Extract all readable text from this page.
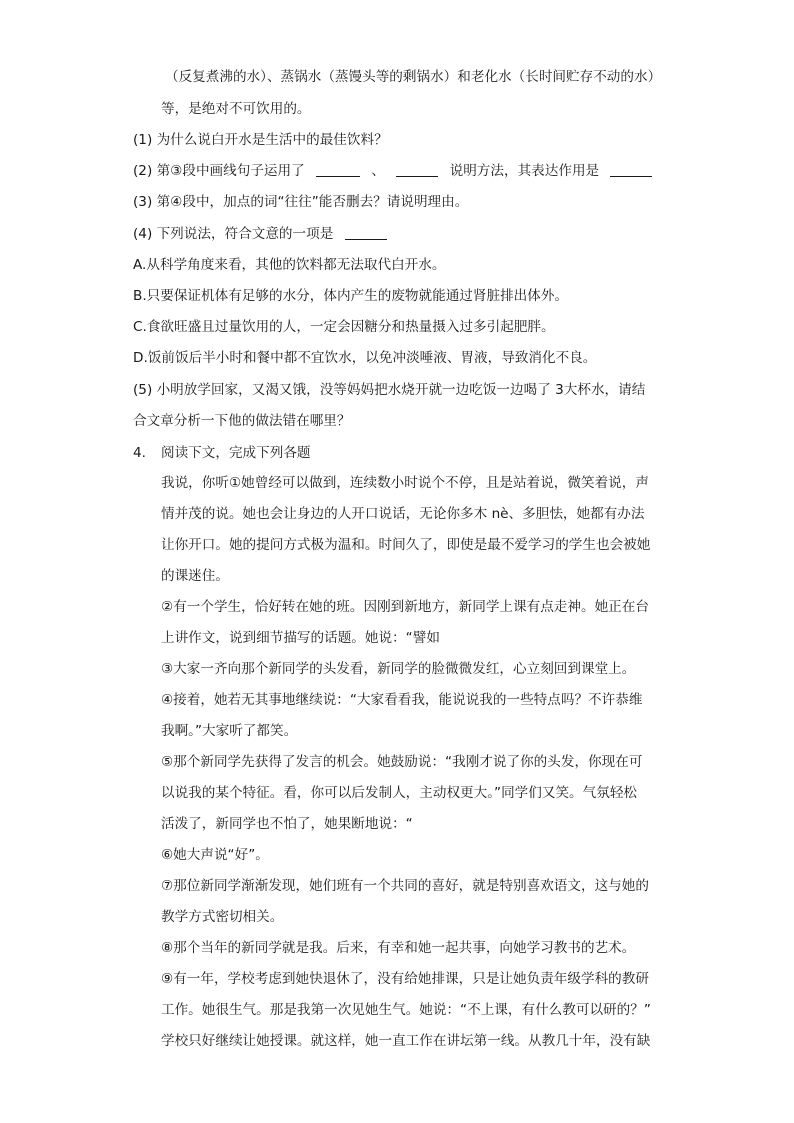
（反复煮沸的水）、蒸锅水（蒸馒头等的剩锅水）和老化水（长时间贮存不动的水）
等，是绝对不可饮用的。
(1) 为什么说白开水是生活中的最佳饮料？
(2) 第③段中画线句子运用了	、	说明方法，其表达作用是
(3) 第④段中，加点的词“往往”能否删去？请说明理由。
(4) 下列说法，符合文意的一项是
A.从科学角度来看，其他的饮料都无法取代白开水。
B.只要保证机体有足够的水分，体内产生的废物就能通过肾脏排出体外。
C.食欲旺盛且过量饮用的人，一定会因糖分和热量摄入过多引起肥胖。
D.饭前饭后半小时和餐中都不宜饮水，以免冲淡唾液、胃液，导致消化不良。
(5) 小明放学回家，又渴又饿，没等妈妈把水烧开就一边吃饭一边喝了 3大杯水，请结
合文章分析一下他的做法错在哪里？
4. 阅读下文，完成下列各题
我说，你听①她曾经可以做到，连续数小时说个不停，且是站着说，微笑着说，声
情并茂的说。她也会让身边的人开口说话，无论你多木 nè、多胆怯，她都有办法
让你开口。她的提问方式极为温和。时间久了，即使是最不爱学习的学生也会被她
的课迷住。
②有一个学生，恰好转在她的班。因刚到新地方，新同学上课有点走神。她正在台
上讲作文，说到细节描写的话题。她说：“譬如
③大家一齐向那个新同学的头发看，新同学的脸微微发红，心立刻回到课堂上。
④接着，她若无其事地继续说：“大家看看我，能说说我的一些特点吗？不许恭维
我啊。”大家听了都笑。
⑤那个新同学先获得了发言的机会。她鼓励说：“我刚才说了你的头发，你现在可
以说我的某个特征。看，你可以后发制人，主动权更大。”同学们又笑。气氛轻松
活泼了，新同学也不怕了，她果断地说：“
⑥她大声说“好”。
⑦那位新同学渐渐发现，她们班有一个共同的喜好，就是特别喜欢语文，这与她的
教学方式密切相关。
⑧那个当年的新同学就是我。后来，有幸和她一起共事，向她学习教书的艺术。
⑨有一年，学校考虑到她快退休了，没有给她排课，只是让她负责年级学科的教研
工作。她很生气。那是我第一次见她生气。她说：“不上课，有什么教可以研的？”
学校只好继续让她授课。就这样，她一直工作在讲坛第一线。从教几十年，没有缺
